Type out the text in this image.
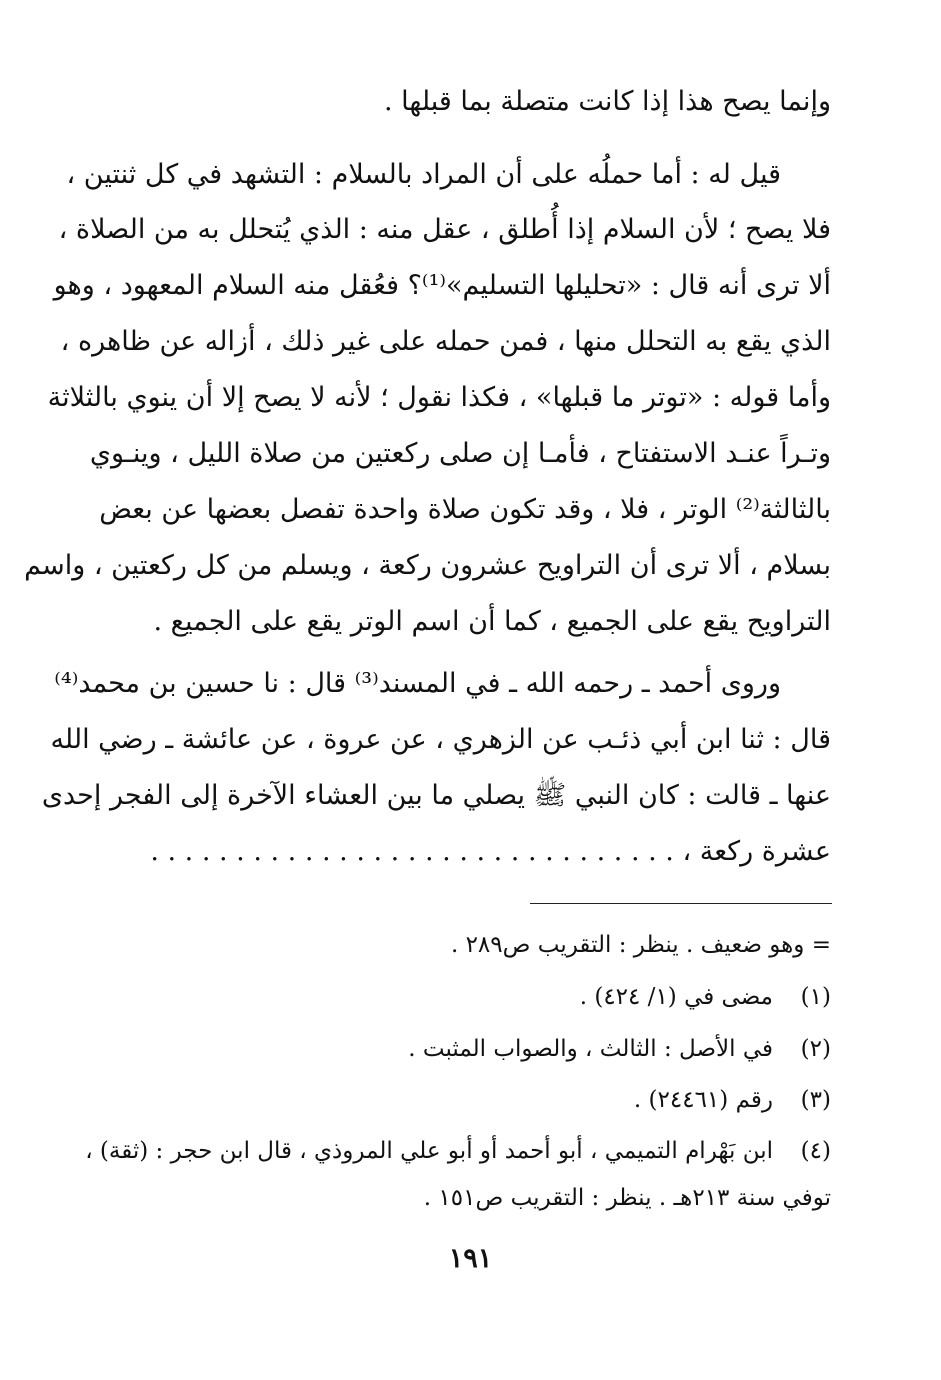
وإنما يصح هذا إذا كانت متصلة بما قبلها .
قيل له : أما حملُه على أن المراد بالسلام : التشهد في كل ثنتين ،
فلا يصح ؛ لأن السلام إذا أُطلق ، عقل منه : الذي يُتحلل به من الصلاة ،
ألا ترى أنه قال : «تحليلها التسليم»⁽¹⁾؟ فعُقل منه السلام المعهود ، وهو
الذي يقع به التحلل منها ، فمن حمله على غير ذلك ، أزاله عن ظاهره ،
وأما قوله : «توتر ما قبلها» ، فكذا نقول ؛ لأنه لا يصح إلا أن ينوي بالثلاثة
وتـراً عنـد الاستفتاح ، فأمـا إن صلى ركعتين من صلاة الليل ، وينـوي
بالثالثة⁽²⁾ الوتر ، فلا ، وقد تكون صلاة واحدة تفصل بعضها عن بعض
بسلام ، ألا ترى أن التراويح عشرون ركعة ، ويسلم من كل ركعتين ، واسم
التراويح يقع على الجميع ، كما أن اسم الوتر يقع على الجميع .
وروى أحمد ـ رحمه الله ـ في المسند⁽³⁾ قال : نا حسين بن محمد⁽⁴⁾
قال : ثنا ابن أبي ذئـب عن الزهري ، عن عروة ، عن عائشة ـ رضي الله
عنها ـ قالت : كان النبي ﷺ يصلي ما بين العشاء الآخرة إلى الفجر إحدى
عشرة ركعة ، . . . . . . . . . . . . . . . . . . . . . . . . . . . . . . .
= وهو ضعيف . ينظر : التقريب ص٢٨٩ .
(١)مضى في (١/ ٤٢٤) .
(٢)في الأصل : الثالث ، والصواب المثبت .
(٣)رقم (٢٤٤٦١) .
(٤)ابن بَهْرام التميمي ، أبو أحمد أو أبو علي المروذي ، قال ابن حجر : (ثقة) ،
توفي سنة ٢١٣هـ . ينظر : التقريب ص١٥١ .
١٩١
